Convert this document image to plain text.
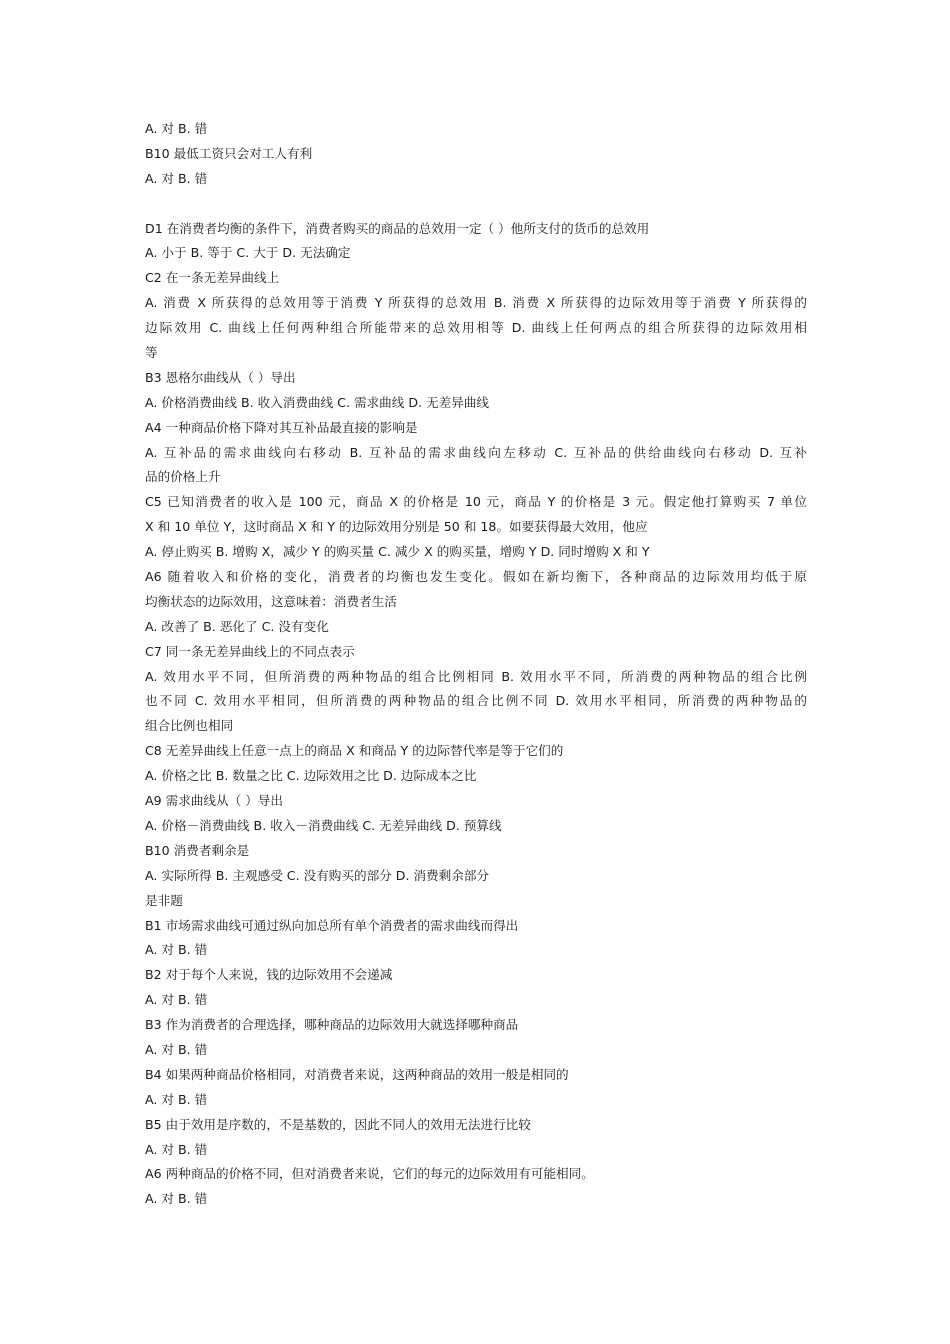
A. 对 B. 错
B10 最低工资只会对工人有利
A. 对 B. 错
D1 在消费者均衡的条件下，消费者购买的商品的总效用一定（ ）他所支付的货币的总效用
A. 小于 B. 等于 C. 大于 D. 无法确定
C2 在一条无差异曲线上
A. 消费 X 所获得的总效用等于消费 Y 所获得的总效用 B. 消费 X 所获得的边际效用等于消费 Y 所获得的
边际效用 C. 曲线上任何两种组合所能带来的总效用相等 D. 曲线上任何两点的组合所获得的边际效用相
等
B3 恩格尔曲线从（ ）导出
A. 价格消费曲线 B. 收入消费曲线 C. 需求曲线 D. 无差异曲线
A4 一种商品价格下降对其互补品最直接的影响是
A. 互补品的需求曲线向右移动 B. 互补品的需求曲线向左移动 C. 互补品的供给曲线向右移动 D. 互补
品的价格上升
C5 已知消费者的收入是 100 元，商品 X 的价格是 10 元，商品 Y 的价格是 3 元。假定他打算购买 7 单位
X 和 10 单位 Y，这时商品 X 和 Y 的边际效用分别是 50 和 18。如要获得最大效用，他应
A. 停止购买 B. 增购 X，减少 Y 的购买量 C. 减少 X 的购买量，增购 Y D. 同时增购 X 和 Y
A6 随着收入和价格的变化，消费者的均衡也发生变化。假如在新均衡下，各种商品的边际效用均低于原
均衡状态的边际效用，这意味着：消费者生活
A. 改善了 B. 恶化了 C. 没有变化
C7 同一条无差异曲线上的不同点表示
A. 效用水平不同，但所消费的两种物品的组合比例相同 B. 效用水平不同，所消费的两种物品的组合比例
也不同 C. 效用水平相同，但所消费的两种物品的组合比例不同 D. 效用水平相同，所消费的两种物品的
组合比例也相同
C8 无差异曲线上任意一点上的商品 X 和商品 Y 的边际替代率是等于它们的
A. 价格之比 B. 数量之比 C. 边际效用之比 D. 边际成本之比
A9 需求曲线从（ ）导出
A. 价格－消费曲线 B. 收入－消费曲线 C. 无差异曲线 D. 预算线
B10 消费者剩余是
A. 实际所得 B. 主观感受 C. 没有购买的部分 D. 消费剩余部分
是非题
B1 市场需求曲线可通过纵向加总所有单个消费者的需求曲线而得出
A. 对 B. 错
B2 对于每个人来说，钱的边际效用不会递减
A. 对 B. 错
B3 作为消费者的合理选择，哪种商品的边际效用大就选择哪种商品
A. 对 B. 错
B4 如果两种商品价格相同，对消费者来说，这两种商品的效用一般是相同的
A. 对 B. 错
B5 由于效用是序数的，不是基数的，因此不同人的效用无法进行比较
A. 对 B. 错
A6 两种商品的价格不同，但对消费者来说，它们的每元的边际效用有可能相同。
A. 对 B. 错
